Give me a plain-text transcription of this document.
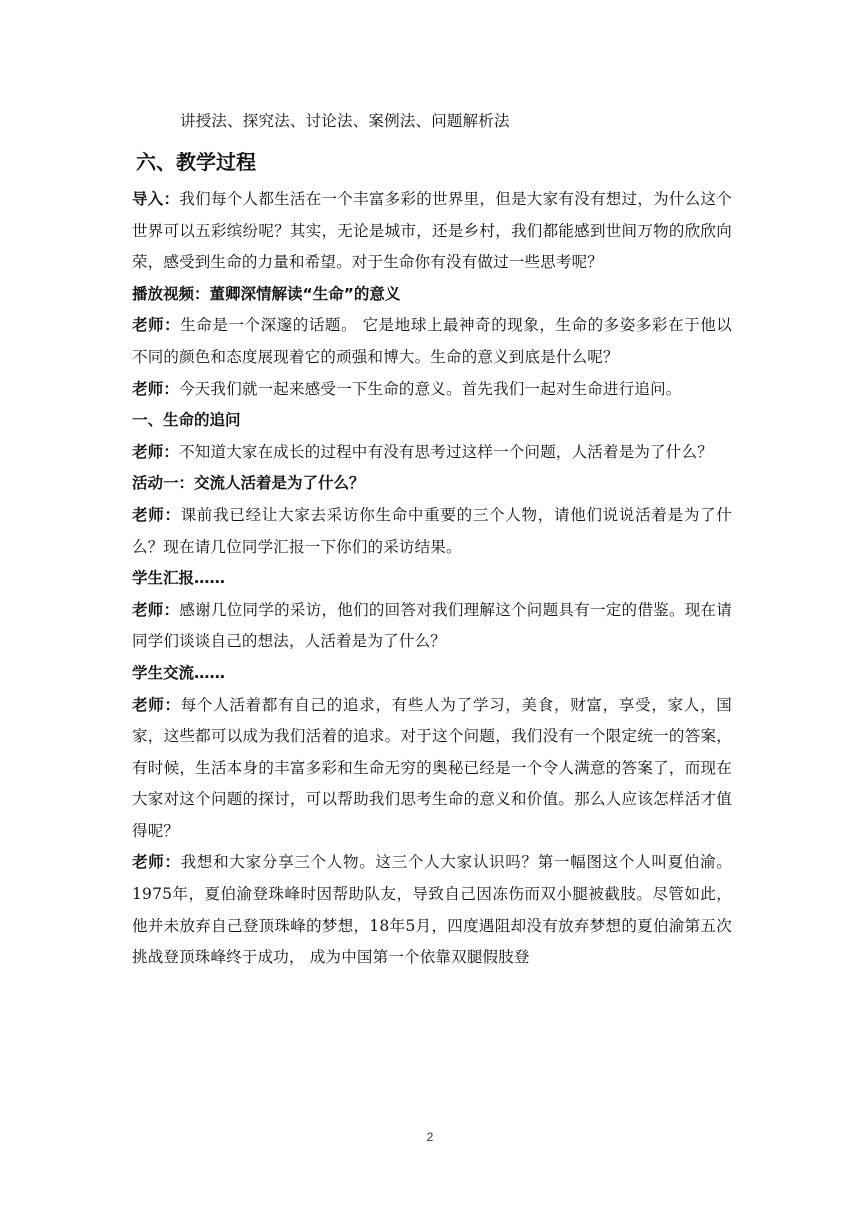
讲授法、探究法、讨论法、案例法、问题解析法

六、教学过程

导入：我们每个人都生活在一个丰富多彩的世界里，但是大家有没有想过，为什么这个世界可以五彩缤纷呢？其实，无论是城市，还是乡村，我们都能感到世间万物的欣欣向荣，感受到生命的力量和希望。对于生命你有没有做过一些思考呢？

播放视频：董卿深情解读“生命”的意义

老师：生命是一个深邃的话题。 它是地球上最神奇的现象，生命的多姿多彩在于他以不同的颜色和态度展现着它的顽强和博大。生命的意义到底是什么呢？

老师：今天我们就一起来感受一下生命的意义。首先我们一起对生命进行追问。

一、生命的追问

老师：不知道大家在成长的过程中有没有思考过这样一个问题，人活着是为了什么？

活动一：交流人活着是为了什么？

老师：课前我已经让大家去采访你生命中重要的三个人物，请他们说说活着是为了什么？现在请几位同学汇报一下你们的采访结果。

学生汇报……

老师：感谢几位同学的采访，他们的回答对我们理解这个问题具有一定的借鉴。现在请同学们谈谈自己的想法，人活着是为了什么？

学生交流……

老师：每个人活着都有自己的追求，有些人为了学习，美食，财富，享受，家人，国家，这些都可以成为我们活着的追求。对于这个问题，我们没有一个限定统一的答案，有时候，生活本身的丰富多彩和生命无穷的奥秘已经是一个令人满意的答案了，而现在大家对这个问题的探讨，可以帮助我们思考生命的意义和价值。那么人应该怎样活才值得呢？

老师：我想和大家分享三个人物。这三个人大家认识吗？第一幅图这个人叫夏伯渝。1975年，夏伯渝登珠峰时因帮助队友，导致自己因冻伤而双小腿被截肢。尽管如此，他并未放弃自己登顶珠峰的梦想，18年5月，四度遇阻却没有放弃梦想的夏伯渝第五次挑战登顶珠峰终于成功， 成为中国第一个依靠双腿假肢登

2
